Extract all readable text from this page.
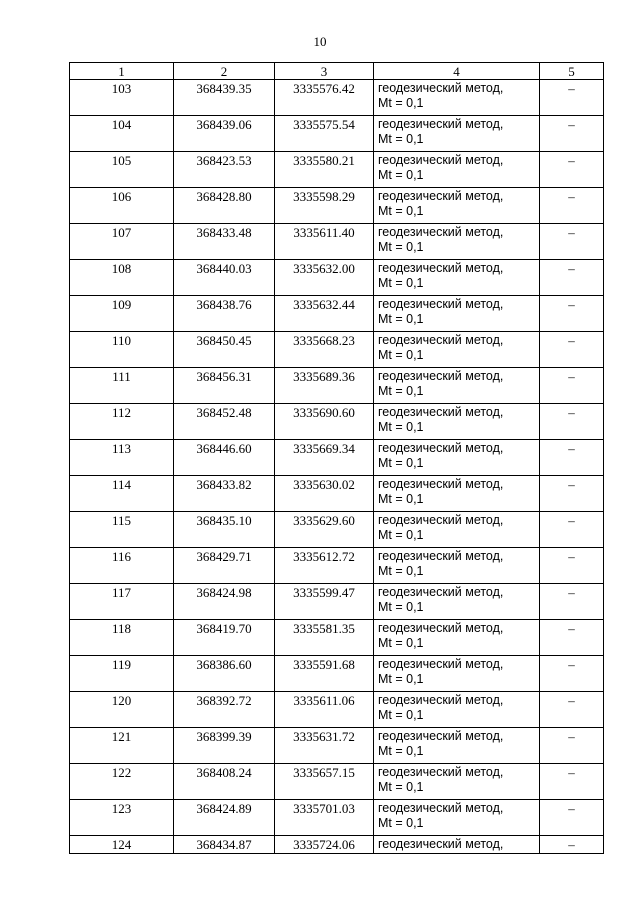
10
1	2	3	4	5
103	368439.35	3335576.42	геодезический метод,
Mt = 0,1	–
104	368439.06	3335575.54	геодезический метод,
Mt = 0,1	–
105	368423.53	3335580.21	геодезический метод,
Mt = 0,1	–
106	368428.80	3335598.29	геодезический метод,
Mt = 0,1	–
107	368433.48	3335611.40	геодезический метод,
Mt = 0,1	–
108	368440.03	3335632.00	геодезический метод,
Mt = 0,1	–
109	368438.76	3335632.44	геодезический метод,
Mt = 0,1	–
110	368450.45	3335668.23	геодезический метод,
Mt = 0,1	–
111	368456.31	3335689.36	геодезический метод,
Mt = 0,1	–
112	368452.48	3335690.60	геодезический метод,
Mt = 0,1	–
113	368446.60	3335669.34	геодезический метод,
Mt = 0,1	–
114	368433.82	3335630.02	геодезический метод,
Mt = 0,1	–
115	368435.10	3335629.60	геодезический метод,
Mt = 0,1	–
116	368429.71	3335612.72	геодезический метод,
Mt = 0,1	–
117	368424.98	3335599.47	геодезический метод,
Mt = 0,1	–
118	368419.70	3335581.35	геодезический метод,
Mt = 0,1	–
119	368386.60	3335591.68	геодезический метод,
Mt = 0,1	–
120	368392.72	3335611.06	геодезический метод,
Mt = 0,1	–
121	368399.39	3335631.72	геодезический метод,
Mt = 0,1	–
122	368408.24	3335657.15	геодезический метод,
Mt = 0,1	–
123	368424.89	3335701.03	геодезический метод,
Mt = 0,1	–
124	368434.87	3335724.06	геодезический метод,	–
